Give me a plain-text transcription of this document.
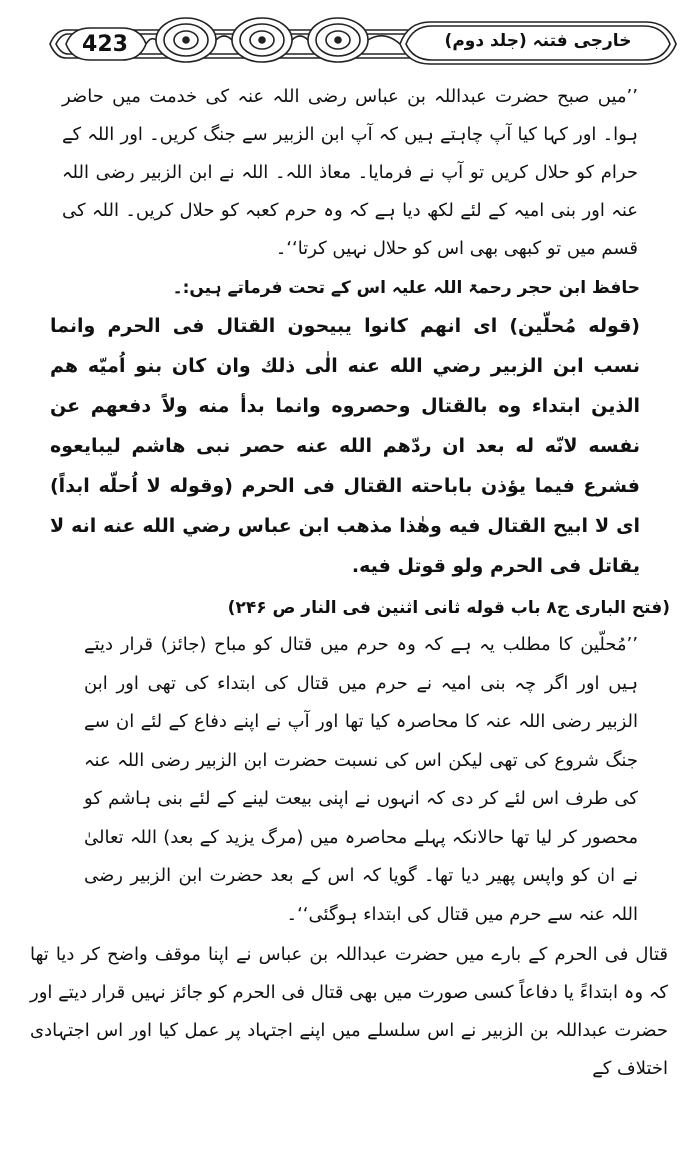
423	خارجی فتنہ (جلد دوم)

’’میں صبح حضرت عبداللہ بن عباس رضی اللہ عنہ کی خدمت میں حاضر ہوا۔ اور کہا کیا آپ چاہتے ہیں کہ آپ ابن الزبیر سے جنگ کریں۔ اور اللہ کے حرام کو حلال کریں تو آپ نے فرمایا۔ معاذ اللہ۔ اللہ نے ابن الزبیر رضی اللہ عنہ اور بنی امیہ کے لئے لکھ دیا ہے کہ وہ حرم کعبہ کو حلال کریں۔ اللہ کی قسم میں تو کبھی بھی اس کو حلال نہیں کرتا‘‘۔

حافظ ابن حجر رحمۃ اللہ علیہ اس کے تحت فرماتے ہیں:۔

(قوله مُحلّين) ای انهم کانوا يبيحون القتال فی الحرم وانما نسب ابن الزبير رضي الله عنه الٰی ذلك وان كان بنو اُميّه هم الذين ابتداء وه بالقتال وحصروه وانما بدأ منه ولاً دفعهم عن نفسه لانّه له بعد ان ردّهم الله عنه حصر نبی هاشم ليبايعوه فشرع فيما يؤذن باباحته القتال فی الحرم (وقوله لا اُحلّه ابداً) ای لا ابيح القتال فيه وهٰذا مذهب ابن عباس رضي الله عنه انه لا يقاتل فی الحرم ولو قوتل فيه.

(فتح الباری ج۸ باب قوله ثانی اثنين فی النار ص ۲۴۶)

’’مُحلّین کا مطلب یہ ہے کہ وہ حرم میں قتال کو مباح (جائز) قرار دیتے ہیں اور اگر چہ بنی امیہ نے حرم میں قتال کی ابتداء کی تھی اور ابن الزبیر رضی اللہ عنہ کا محاصرہ کیا تھا اور آپ نے اپنے دفاع کے لئے ان سے جنگ شروع کی تھی لیکن اس کی نسبت حضرت ابن الزبیر رضی اللہ عنہ کی طرف اس لئے کر دی کہ انہوں نے اپنی بیعت لینے کے لئے بنی ہاشم کو محصور کر لیا تھا حالانکہ پہلے محاصرہ میں (مرگ یزید کے بعد) اللہ تعالیٰ نے ان کو واپس پھیر دیا تھا۔ گویا کہ اس کے بعد حضرت ابن الزبیر رضی اللہ عنہ سے حرم میں قتال کی ابتداء ہوگئی‘‘۔

قتال فی الحرم کے بارے میں حضرت عبداللہ بن عباس نے اپنا موقف واضح کر دیا تھا کہ وہ ابتداءً یا دفاعاً کسی صورت میں بھی قتال فی الحرم کو جائز نہیں قرار دیتے اور حضرت عبداللہ بن الزبیر نے اس سلسلے میں اپنے اجتہاد پر عمل کیا اور اس اجتہادی اختلاف کے
